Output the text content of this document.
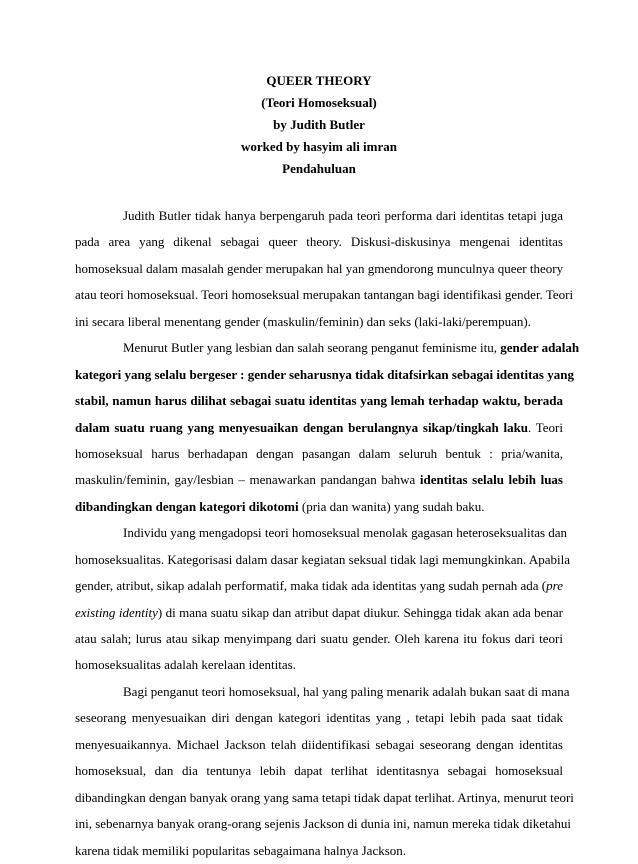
QUEER THEORY
(Teori Homoseksual)
by Judith Butler
worked by hasyim ali imran
Pendahuluan
Judith Butler tidak hanya berpengaruh pada teori performa dari identitas tetapi juga
pada area yang dikenal sebagai queer theory. Diskusi-diskusinya mengenai identitas
homoseksual dalam masalah gender merupakan hal yan gmendorong munculnya queer theory
atau teori homoseksual. Teori homoseksual merupakan tantangan bagi identifikasi gender. Teori
ini secara liberal menentang gender (maskulin/feminin) dan seks (laki-laki/perempuan).
Menurut Butler yang lesbian dan salah seorang penganut feminisme itu, gender adalah
kategori yang selalu bergeser : gender seharusnya tidak ditafsirkan sebagai identitas yang
stabil, namun harus dilihat sebagai suatu identitas yang lemah terhadap waktu, berada
dalam suatu ruang yang menyesuaikan dengan berulangnya sikap/tingkah laku. Teori
homoseksual harus berhadapan dengan pasangan dalam seluruh bentuk : pria/wanita,
maskulin/feminin, gay/lesbian – menawarkan pandangan bahwa identitas selalu lebih luas
dibandingkan dengan kategori dikotomi (pria dan wanita) yang sudah baku.
Individu yang mengadopsi teori homoseksual menolak gagasan heteroseksualitas dan
homoseksualitas. Kategorisasi dalam dasar kegiatan seksual tidak lagi memungkinkan. Apabila
gender, atribut, sikap adalah performatif, maka tidak ada identitas yang sudah pernah ada (pre
existing identity) di mana suatu sikap dan atribut dapat diukur. Sehingga tidak akan ada benar
atau salah; lurus atau sikap menyimpang dari suatu gender. Oleh karena itu fokus dari teori
homoseksualitas adalah kerelaan identitas.
Bagi penganut teori homoseksual, hal yang paling menarik adalah bukan saat di mana
seseorang menyesuaikan diri dengan kategori identitas yang , tetapi lebih pada saat tidak
menyesuaikannya. Michael Jackson telah diidentifikasi sebagai seseorang dengan identitas
homoseksual, dan dia tentunya lebih dapat terlihat identitasnya sebagai homoseksual
dibandingkan dengan banyak orang yang sama tetapi tidak dapat terlihat. Artinya, menurut teori
ini, sebenarnya banyak orang-orang sejenis Jackson di dunia ini, namun mereka tidak diketahui
karena tidak memiliki popularitas sebagaimana halnya Jackson.
